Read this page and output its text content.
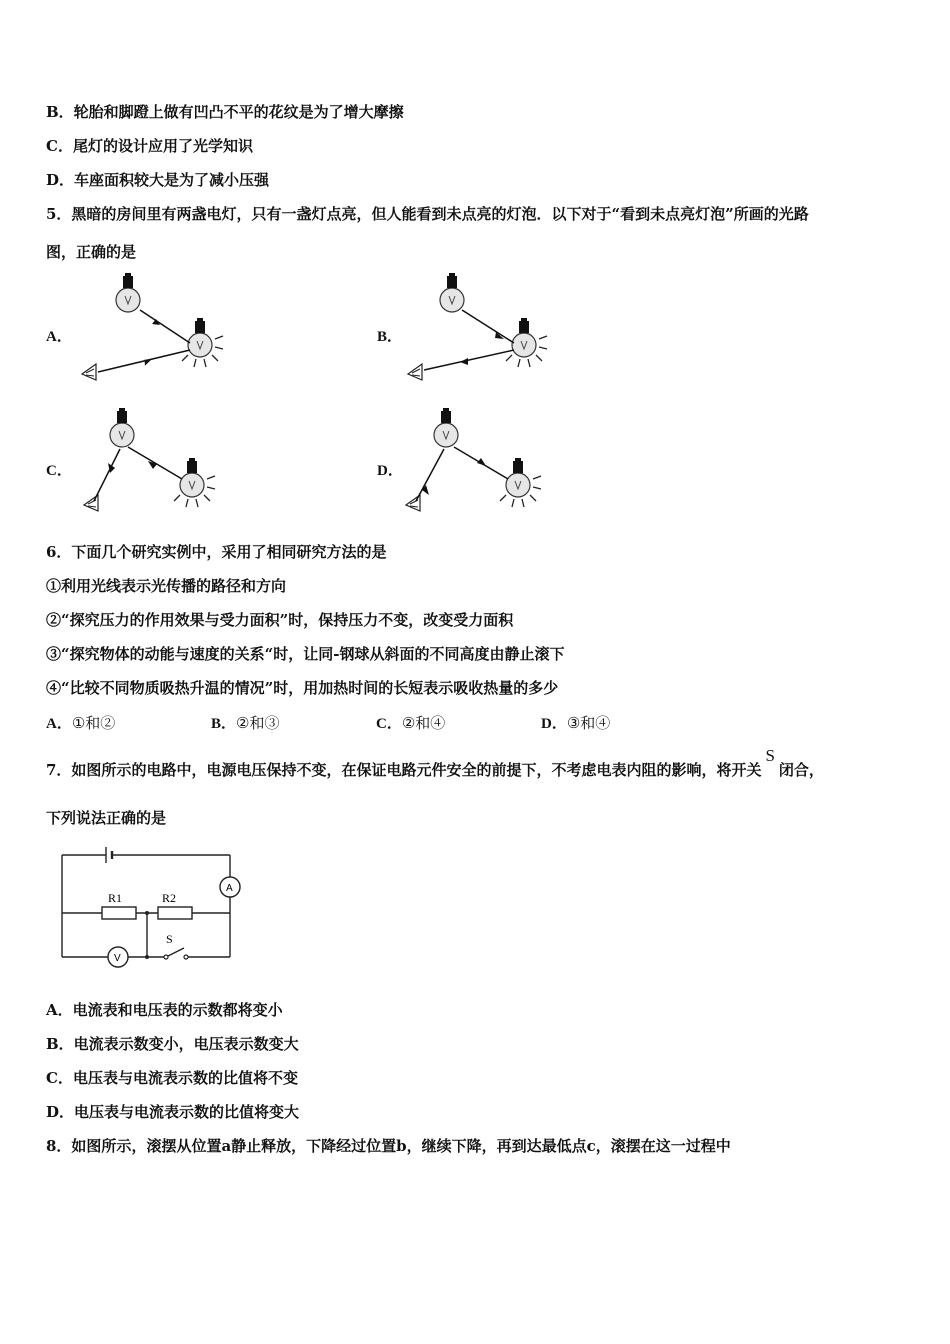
B．轮胎和脚蹬上做有凹凸不平的花纹是为了增大摩擦
C．尾灯的设计应用了光学知识
D．车座面积较大是为了减小压强
5．黑暗的房间里有两盏电灯，只有一盏灯点亮，但人能看到未点亮的灯泡．以下对于“看到未点亮灯泡”所画的光路
图，正确的是
A．	B．
C．	D．
6．下面几个研究实例中，采用了相同研究方法的是
①利用光线表示光传播的路径和方向
②“探究压力的作用效果与受力面积”时，保持压力不变，改变受力面积
③“探究物体的动能与速度的关系“时，让同-钢球从斜面的不同高度由静止滚下
④“比较不同物质吸热升温的情况”时，用加热时间的长短表示吸收热量的多少
A．①和②	B．②和③	C．②和④	D．③和④
7．如图所示的电路中，电源电压保持不变，在保证电路元件安全的前提下，不考虑电表内阻的影响，将开关S闭合，
下列说法正确的是
A
R1	R2
V
S
A．电流表和电压表的示数都将变小
B．电流表示数变小，电压表示数变大
C．电压表与电流表示数的比值将不变
D．电压表与电流表示数的比值将变大
8．如图所示，滚摆从位置a静止释放，下降经过位置b，继续下降，再到达最低点c，滚摆在这一过程中
